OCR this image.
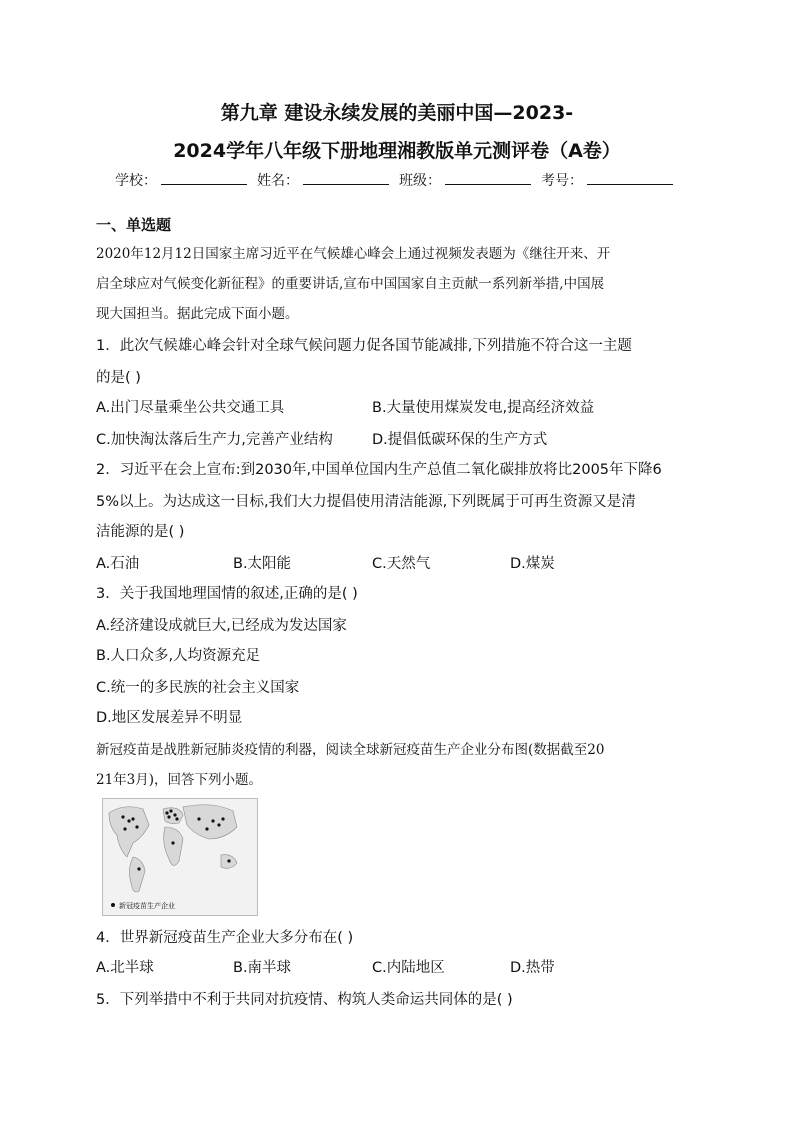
第九章 建设永续发展的美丽中国—2023-
2024学年八年级下册地理湘教版单元测评卷（A卷）
学校：	姓名：	班级：	考号：
一、单选题
2020年12月12日国家主席习近平在气候雄心峰会上通过视频发表题为《继往开来、开
启全球应对气候变化新征程》的重要讲话,宣布中国国家自主贡献一系列新举措,中国展
现大国担当。据此完成下面小题。
1．此次气候雄心峰会针对全球气候问题力促各国节能减排,下列措施不符合这一主题
的是( )
A.出门尽量乘坐公共交通工具	B.大量使用煤炭发电,提高经济效益
C.加快淘汰落后生产力,完善产业结构	D.提倡低碳环保的生产方式
2．习近平在会上宣布:到2030年,中国单位国内生产总值二氧化碳排放将比2005年下降6
5%以上。为达成这一目标,我们大力提倡使用清洁能源,下列既属于可再生资源又是清
洁能源的是( )
A.石油	B.太阳能	C.天然气	D.煤炭
3．关于我国地理国情的叙述,正确的是( )
A.经济建设成就巨大,已经成为发达国家
B.人口众多,人均资源充足
C.统一的多民族的社会主义国家
D.地区发展差异不明显
新冠疫苗是战胜新冠肺炎疫情的利器，阅读全球新冠疫苗生产企业分布图(数据截至20
21年3月)，回答下列小题。
新冠疫苗生产企业
4．世界新冠疫苗生产企业大多分布在( )
A.北半球	B.南半球	C.内陆地区	D.热带
5．下列举措中不利于共同对抗疫情、构筑人类命运共同体的是( )
